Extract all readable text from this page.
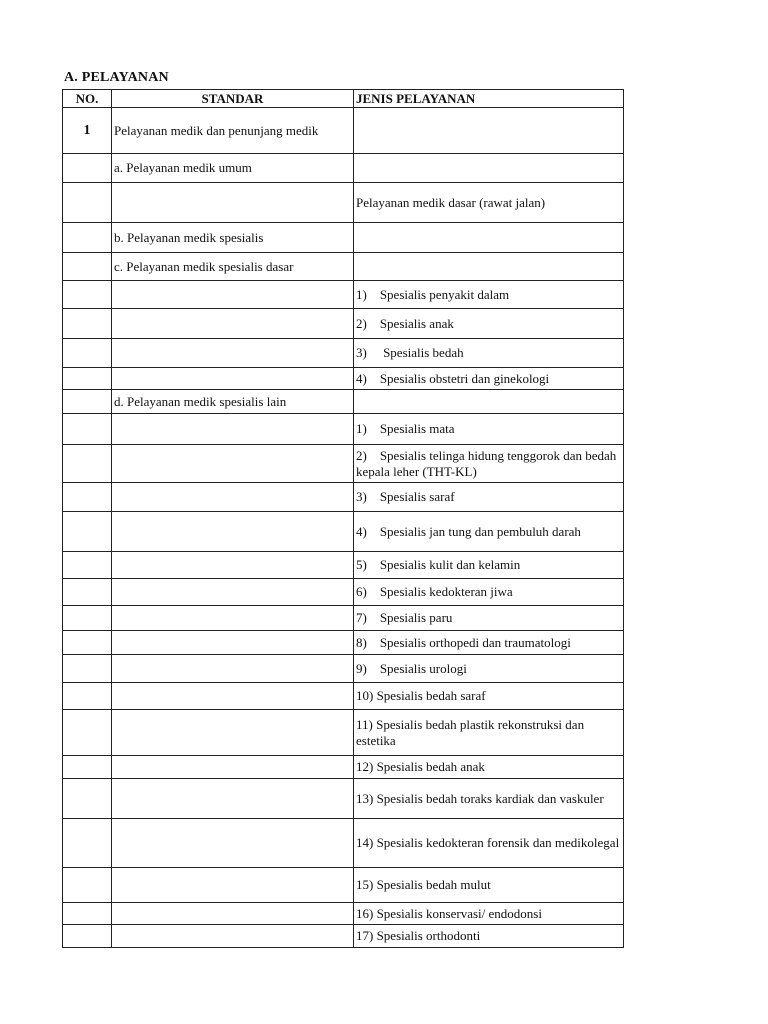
A. PELAYANAN
NO.	STANDAR	JENIS PELAYANAN
1	Pelayanan medik dan penunjang medik	
	a. Pelayanan medik umum	
		Pelayanan medik dasar (rawat jalan)
	b. Pelayanan medik spesialis	
	c. Pelayanan medik spesialis dasar	
		1)    Spesialis penyakit dalam
		2)    Spesialis anak
		3)     Spesialis bedah
		4)    Spesialis obstetri dan ginekologi
	d. Pelayanan medik spesialis lain	
		1)    Spesialis mata
		2)    Spesialis telinga hidung tenggorok dan bedah kepala leher (THT-KL)
		3)    Spesialis saraf
		4)    Spesialis jan tung dan pembuluh darah
		5)    Spesialis kulit dan kelamin
		6)    Spesialis kedokteran jiwa
		7)    Spesialis paru
		8)    Spesialis orthopedi dan traumatologi
		9)    Spesialis urologi
		10) Spesialis bedah saraf
		11) Spesialis bedah plastik rekonstruksi dan estetika
		12) Spesialis bedah anak
		13) Spesialis bedah toraks kardiak dan vaskuler
		14) Spesialis kedokteran forensik dan medikolegal
		15) Spesialis bedah mulut
		16) Spesialis konservasi/ endodonsi
		17) Spesialis orthodonti
